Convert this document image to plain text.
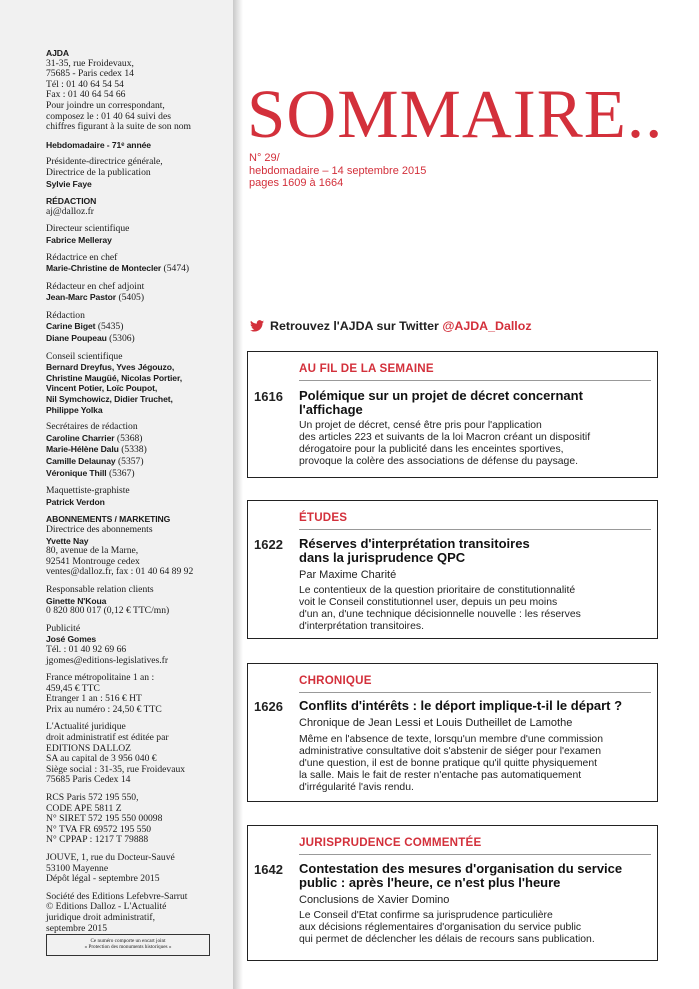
AJDA
31-35, rue Froidevaux,
75685 - Paris cedex 14
Tél : 01 40 64 54 54
Fax : 01 40 64 54 66
Pour joindre un correspondant,
composez le : 01 40 64 suivi des
chiffres figurant à la suite de son nom
Hebdomadaire - 71ᵉ année
Présidente-directrice générale,
Directrice de la publication
Sylvie Faye
RÉDACTION
aj@dalloz.fr
Directeur scientifique
Fabrice Melleray
Rédactrice en chef
Marie-Christine de Montecler (5474)
Rédacteur en chef adjoint
Jean-Marc Pastor (5405)
Rédaction
Carine Biget (5435)
Diane Poupeau (5306)
Conseil scientifique
Bernard Dreyfus, Yves Jégouzo,
Christine Maugüé, Nicolas Portier,
Vincent Potier, Loïc Poupot,
Nil Symchowicz, Didier Truchet,
Philippe Yolka
Secrétaires de rédaction
Caroline Charrier (5368)
Marie-Hélène Dalu (5338)
Camille Delaunay (5357)
Véronique Thill (5367)
Maquettiste-graphiste
Patrick Verdon
ABONNEMENTS / MARKETING
Directrice des abonnements
Yvette Nay
80, avenue de la Marne,
92541 Montrouge cedex
ventes@dalloz.fr, fax : 01 40 64 89 92
Responsable relation clients
Ginette N'Koua
0 820 800 017 (0,12 € TTC/mn)
Publicité
José Gomes
Tél. : 01 40 92 69 66
jgomes@editions-legislatives.fr
France métropolitaine 1 an :
459,45 € TTC
Etranger 1 an : 516 € HT
Prix au numéro : 24,50 € TTC
L'Actualité juridique
droit administratif est éditée par
EDITIONS DALLOZ
SA au capital de 3 956 040 €
Siège social : 31-35, rue Froidevaux
75685 Paris Cedex 14
RCS Paris 572 195 550,
CODE APE 5811 Z
N° SIRET 572 195 550 00098
N° TVA FR 69572 195 550
N° CPPAP : 1217 T 79888
JOUVE, 1, rue du Docteur-Sauvé
53100 Mayenne
Dépôt légal - septembre 2015
Société des Editions Lefebvre-Sarrut
© Editions Dalloz - L'Actualité
juridique droit administratif,
septembre 2015
Ce numéro comporte un encart joint
« Protection des monuments historiques »
SOMMAIRE..
N° 29/
hebdomadaire – 14 septembre 2015
pages 1609 à 1664
Retrouvez l'AJDA sur Twitter @AJDA_Dalloz
AU FIL DE LA SEMAINE
1616 Polémique sur un projet de décret concernant
l'affichage
Un projet de décret, censé être pris pour l'application
des articles 223 et suivants de la loi Macron créant un dispositif
dérogatoire pour la publicité dans les enceintes sportives,
provoque la colère des associations de défense du paysage.
ÉTUDES
1622 Réserves d'interprétation transitoires
dans la jurisprudence QPC
Par Maxime Charité
Le contentieux de la question prioritaire de constitutionnalité
voit le Conseil constitutionnel user, depuis un peu moins
d'un an, d'une technique décisionnelle nouvelle : les réserves
d'interprétation transitoires.
CHRONIQUE
1626 Conflits d'intérêts : le déport implique-t-il le départ ?
Chronique de Jean Lessi et Louis Dutheillet de Lamothe
Même en l'absence de texte, lorsqu'un membre d'une commission
administrative consultative doit s'abstenir de siéger pour l'examen
d'une question, il est de bonne pratique qu'il quitte physiquement
la salle. Mais le fait de rester n'entache pas automatiquement
d'irrégularité l'avis rendu.
JURISPRUDENCE COMMENTÉE
1642 Contestation des mesures d'organisation du service
public : après l'heure, ce n'est plus l'heure
Conclusions de Xavier Domino
Le Conseil d'Etat confirme sa jurisprudence particulière
aux décisions réglementaires d'organisation du service public
qui permet de déclencher les délais de recours sans publication.
